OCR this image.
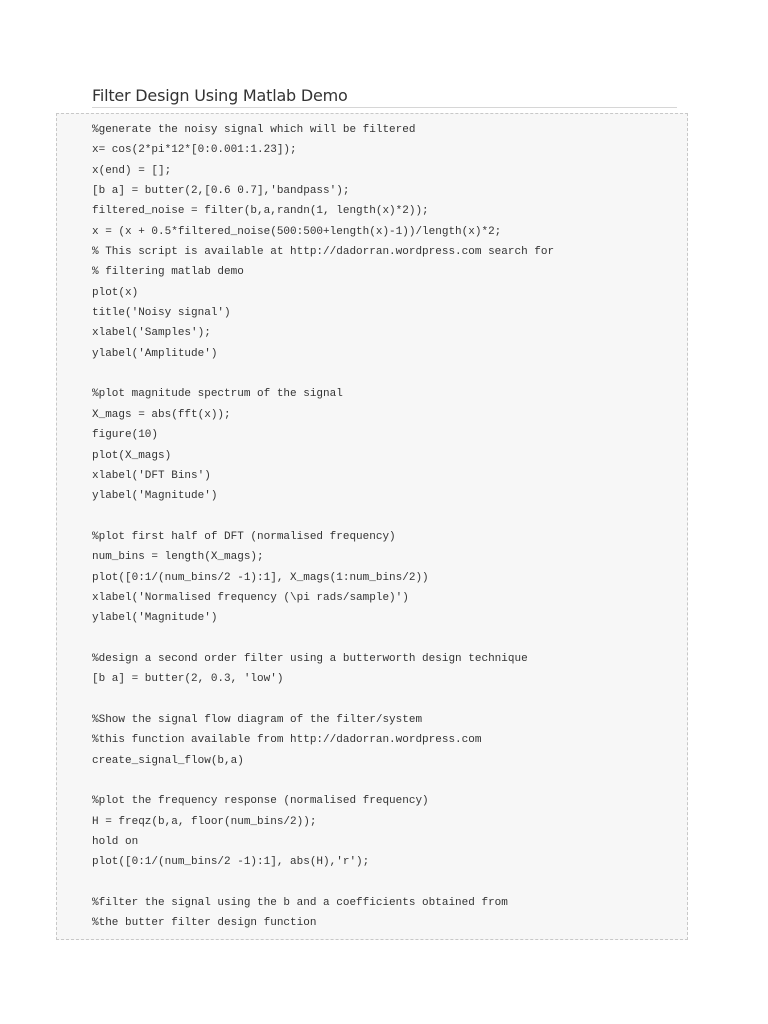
Filter Design Using Matlab Demo
%generate the noisy signal which will be filtered
x= cos(2*pi*12*[0:0.001:1.23]);
x(end) = [];
[b a] = butter(2,[0.6 0.7],'bandpass');
filtered_noise = filter(b,a,randn(1, length(x)*2));
x = (x + 0.5*filtered_noise(500:500+length(x)-1))/length(x)*2;
% This script is available at http://dadorran.wordpress.com search for
% filtering matlab demo
plot(x)
title('Noisy signal')
xlabel('Samples');
ylabel('Amplitude')
%plot magnitude spectrum of the signal
X_mags = abs(fft(x));
figure(10)
plot(X_mags)
xlabel('DFT Bins')
ylabel('Magnitude')
%plot first half of DFT (normalised frequency)
num_bins = length(X_mags);
plot([0:1/(num_bins/2 -1):1], X_mags(1:num_bins/2))
xlabel('Normalised frequency (\pi rads/sample)')
ylabel('Magnitude')
%design a second order filter using a butterworth design technique
[b a] = butter(2, 0.3, 'low')
%Show the signal flow diagram of the filter/system
%this function available from http://dadorran.wordpress.com
create_signal_flow(b,a)
%plot the frequency response (normalised frequency)
H = freqz(b,a, floor(num_bins/2));
hold on
plot([0:1/(num_bins/2 -1):1], abs(H),'r');
%filter the signal using the b and a coefficients obtained from
%the butter filter design function
